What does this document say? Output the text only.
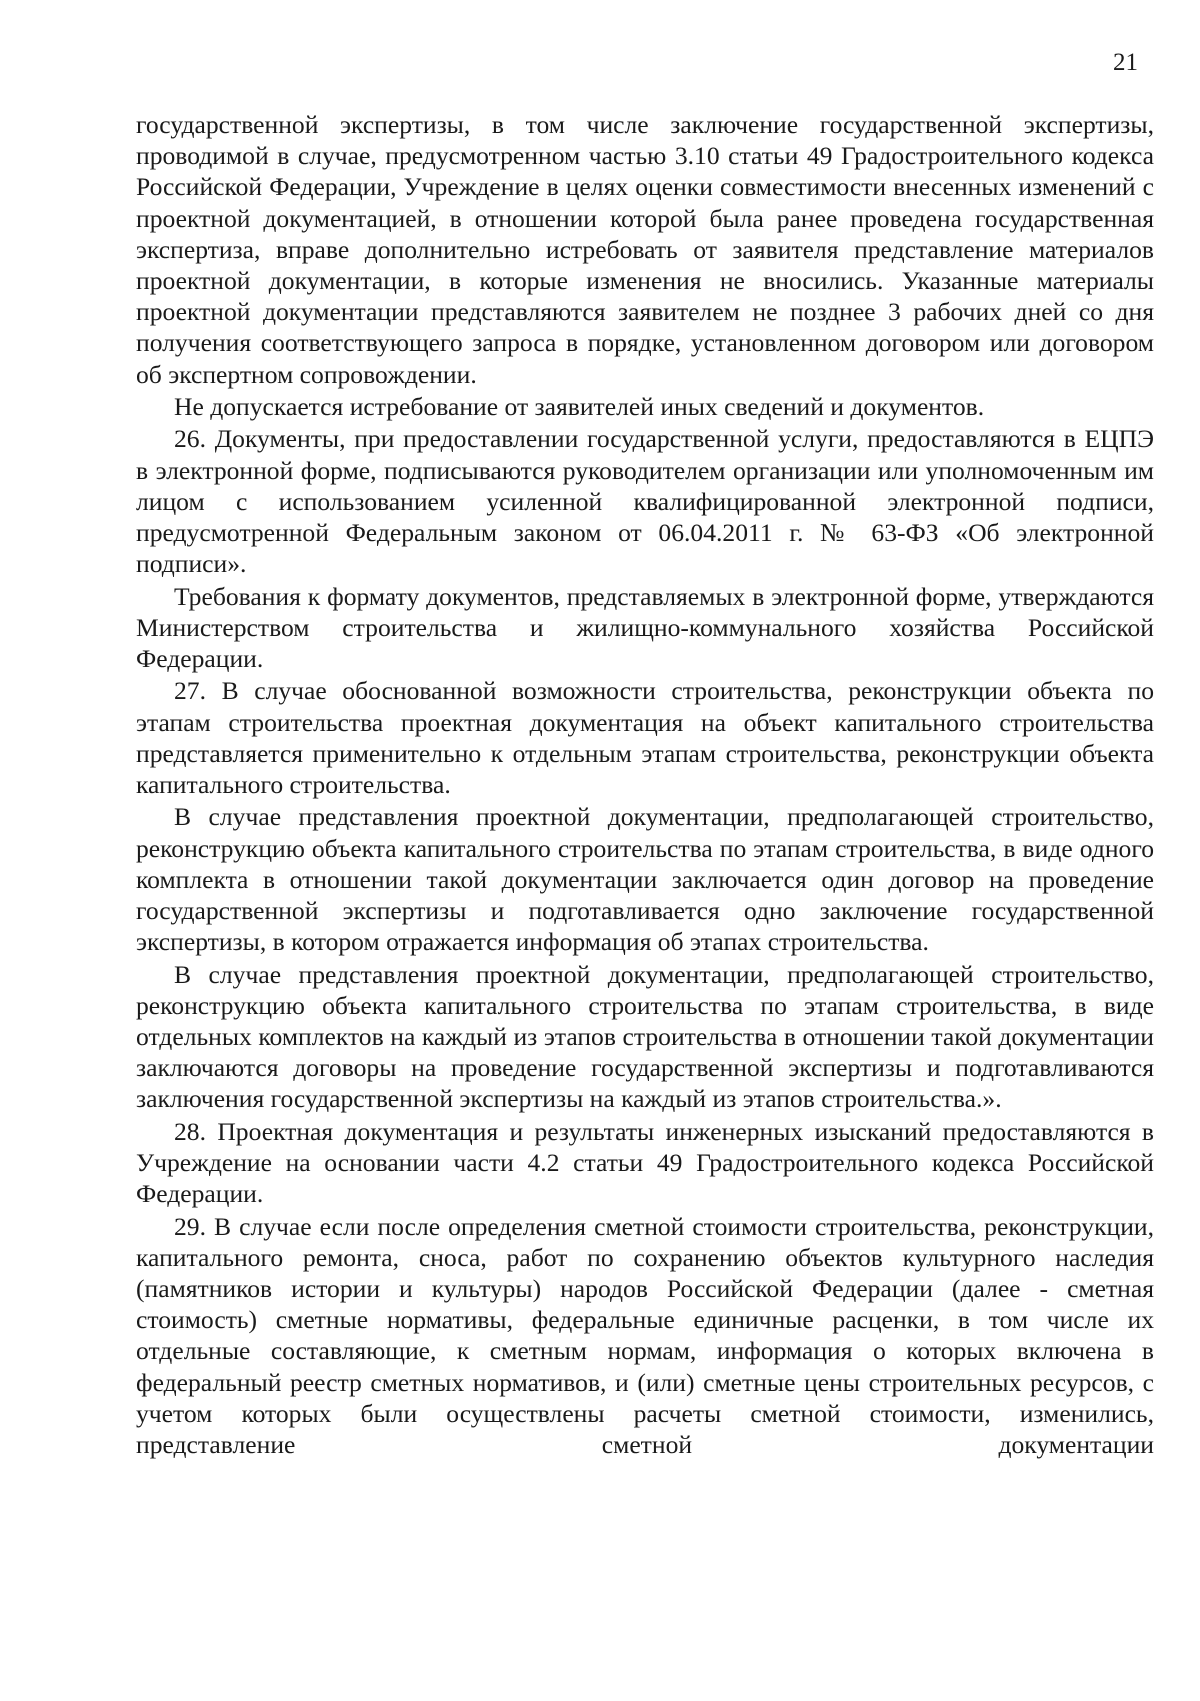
21

государственной экспертизы, в том числе заключение государственной экспертизы, проводимой в случае, предусмотренном частью 3.10 статьи 49 Градостроительного кодекса Российской Федерации, Учреждение в целях оценки совместимости внесенных изменений с проектной документацией, в отношении которой была ранее проведена государственная экспертиза, вправе дополнительно истребовать от заявителя представление материалов проектной документации, в которые изменения не вносились. Указанные материалы проектной документации представляются заявителем не позднее 3 рабочих дней со дня получения соответствующего запроса в порядке, установленном договором или договором об экспертном сопровождении.

Не допускается истребование от заявителей иных сведений и документов.

26. Документы, при предоставлении государственной услуги, предоставляются в ЕЦПЭ в электронной форме, подписываются руководителем организации или уполномоченным им лицом с использованием усиленной квалифицированной электронной подписи, предусмотренной Федеральным законом от 06.04.2011 г. № 63-ФЗ «Об электронной подписи».

Требования к формату документов, представляемых в электронной форме, утверждаются Министерством строительства и жилищно-коммунального хозяйства Российской Федерации.

27. В случае обоснованной возможности строительства, реконструкции объекта по этапам строительства проектная документация на объект капитального строительства представляется применительно к отдельным этапам строительства, реконструкции объекта капитального строительства.

В случае представления проектной документации, предполагающей строительство, реконструкцию объекта капитального строительства по этапам строительства, в виде одного комплекта в отношении такой документации заключается один договор на проведение государственной экспертизы и подготавливается одно заключение государственной экспертизы, в котором отражается информация об этапах строительства.

В случае представления проектной документации, предполагающей строительство, реконструкцию объекта капитального строительства по этапам строительства, в виде отдельных комплектов на каждый из этапов строительства в отношении такой документации заключаются договоры на проведение государственной экспертизы и подготавливаются заключения государственной экспертизы на каждый из этапов строительства.».

28. Проектная документация и результаты инженерных изысканий предоставляются в Учреждение на основании части 4.2 статьи 49 Градостроительного кодекса Российской Федерации.

29. В случае если после определения сметной стоимости строительства, реконструкции, капитального ремонта, сноса, работ по сохранению объектов культурного наследия (памятников истории и культуры) народов Российской Федерации (далее - сметная стоимость) сметные нормативы, федеральные единичные расценки, в том числе их отдельные составляющие, к сметным нормам, информация о которых включена в федеральный реестр сметных нормативов, и (или) сметные цены строительных ресурсов, с учетом которых были осуществлены расчеты сметной стоимости, изменились, представление сметной документации
